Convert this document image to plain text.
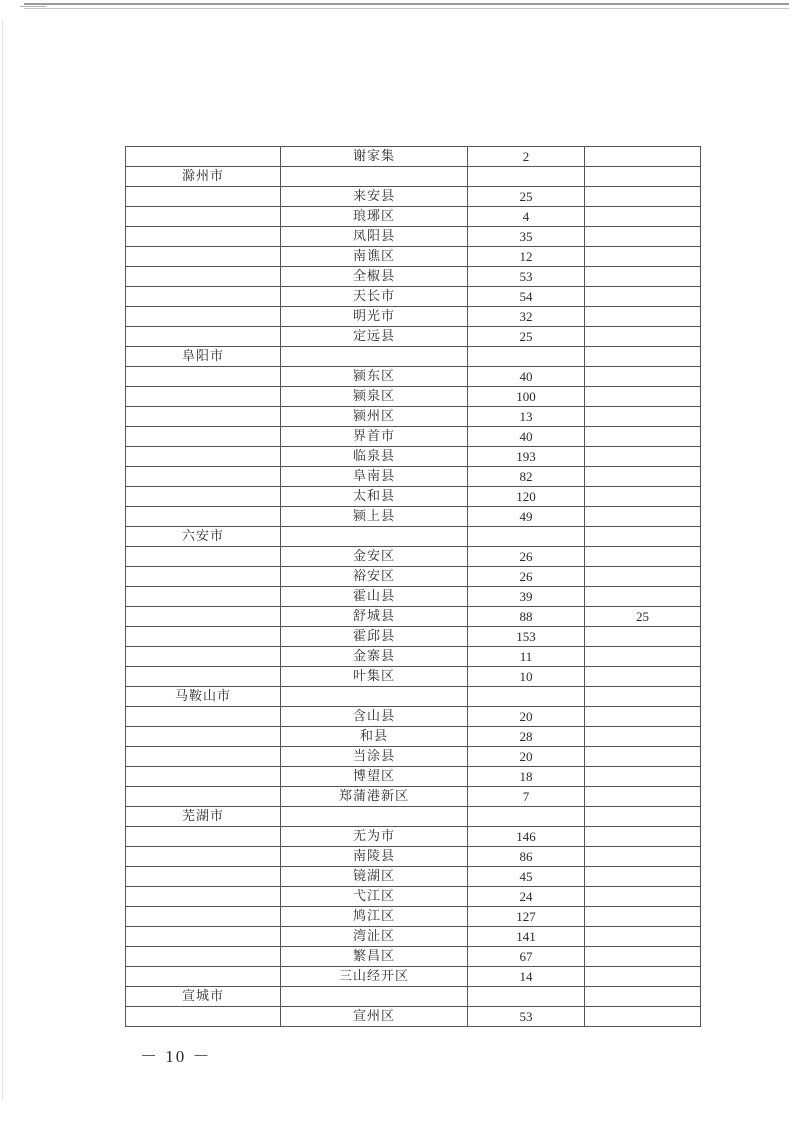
	谢家集	2	
滁州市			
	来安县	25	
	琅琊区	4	
	凤阳县	35	
	南谯区	12	
	全椒县	53	
	天长市	54	
	明光市	32	
	定远县	25	
阜阳市			
	颍东区	40	
	颍泉区	100	
	颍州区	13	
	界首市	40	
	临泉县	193	
	阜南县	82	
	太和县	120	
	颍上县	49	
六安市			
	金安区	26	
	裕安区	26	
	霍山县	39	
	舒城县	88	25
	霍邱县	153	
	金寨县	11	
	叶集区	10	
马鞍山市			
	含山县	20	
	和县	28	
	当涂县	20	
	博望区	18	
	郑蒲港新区	7	
芜湖市			
	无为市	146	
	南陵县	86	
	镜湖区	45	
	弋江区	24	
	鸠江区	127	
	湾沚区	141	
	繁昌区	67	
	三山经开区	14	
宣城市			
	宣州区	53	
－ 10 －
